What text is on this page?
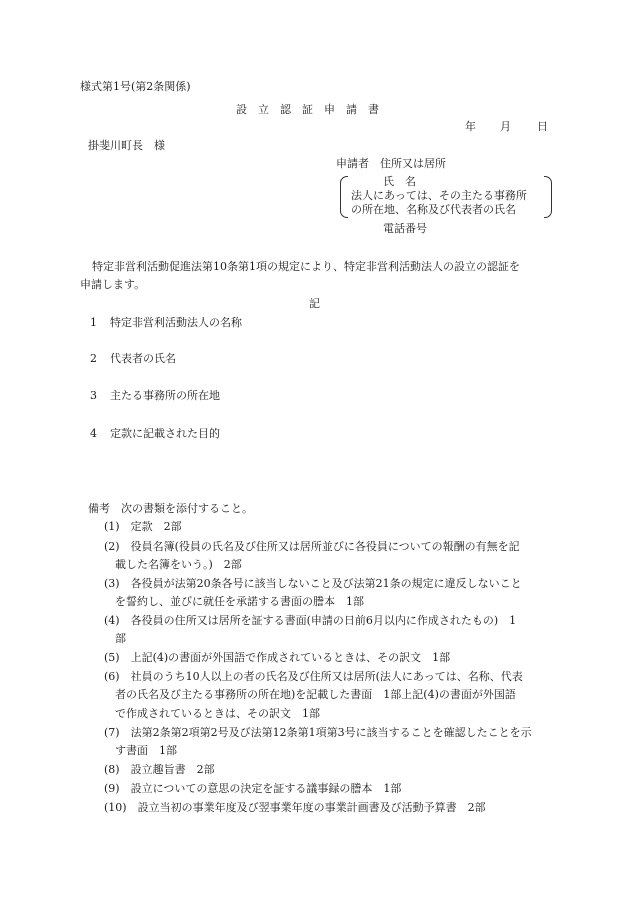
様式第1号(第2条関係)
設　立　認　証　申　請　書
年 月 日
掛斐川町長　様
申請者　住所又は居所
氏　名
法人にあっては、その主たる事務所
の所在地、名称及び代表者の氏名
電話番号
特定非営利活動促進法第10条第1項の規定により、特定非営利活動法人の設立の認証を
申請します。
記
1 特定非営利活動法人の名称
2 代表者の氏名
3 主たる事務所の所在地
4 定款に記載された目的
備考　次の書類を添付すること。
(1)　定款　2部
(2)　役員名簿(役員の氏名及び住所又は居所並びに各役員についての報酬の有無を記
載した名簿をいう。)　2部
(3)　各役員が法第20条各号に該当しないこと及び法第21条の規定に違反しないこと
を誓約し、並びに就任を承諾する書面の謄本　1部
(4)　各役員の住所又は居所を証する書面(申請の日前6月以内に作成されたもの)　1
部
(5)　上記(4)の書面が外国語で作成されているときは、その訳文　1部
(6)　社員のうち10人以上の者の氏名及び住所又は居所(法人にあっては、名称、代表
者の氏名及び主たる事務所の所在地)を記載した書面　1部上記(4)の書面が外国語
で作成されているときは、その訳文　1部
(7)　法第2条第2項第2号及び法第12条第1項第3号に該当することを確認したことを示
す書面　1部
(8)　設立趣旨書　2部
(9)　設立についての意思の決定を証する議事録の謄本　1部
(10)　設立当初の事業年度及び翌事業年度の事業計画書及び活動予算書　2部
